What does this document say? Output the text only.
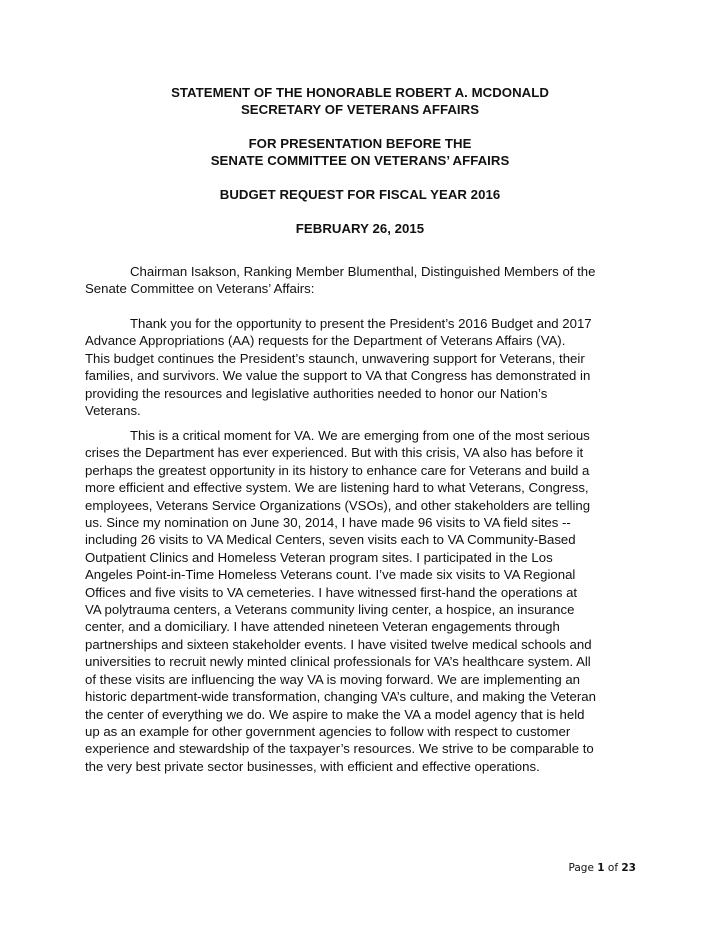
STATEMENT OF THE HONORABLE ROBERT A. MCDONALD
SECRETARY OF VETERANS AFFAIRS
FOR PRESENTATION BEFORE THE
SENATE COMMITTEE ON VETERANS’ AFFAIRS
BUDGET REQUEST FOR FISCAL YEAR 2016
FEBRUARY 26, 2015
Chairman Isakson, Ranking Member Blumenthal, Distinguished Members of the
Senate Committee on Veterans’ Affairs:
Thank you for the opportunity to present the President’s 2016 Budget and 2017
Advance Appropriations (AA) requests for the Department of Veterans Affairs (VA).
This budget continues the President’s staunch, unwavering support for Veterans, their
families, and survivors. We value the support to VA that Congress has demonstrated in
providing the resources and legislative authorities needed to honor our Nation’s
Veterans.
This is a critical moment for VA. We are emerging from one of the most serious
crises the Department has ever experienced. But with this crisis, VA also has before it
perhaps the greatest opportunity in its history to enhance care for Veterans and build a
more efficient and effective system. We are listening hard to what Veterans, Congress,
employees, Veterans Service Organizations (VSOs), and other stakeholders are telling
us. Since my nomination on June 30, 2014, I have made 96 visits to VA field sites --
including 26 visits to VA Medical Centers, seven visits each to VA Community-Based
Outpatient Clinics and Homeless Veteran program sites. I participated in the Los
Angeles Point-in-Time Homeless Veterans count. I’ve made six visits to VA Regional
Offices and five visits to VA cemeteries. I have witnessed first-hand the operations at
VA polytrauma centers, a Veterans community living center, a hospice, an insurance
center, and a domiciliary. I have attended nineteen Veteran engagements through
partnerships and sixteen stakeholder events. I have visited twelve medical schools and
universities to recruit newly minted clinical professionals for VA’s healthcare system. All
of these visits are influencing the way VA is moving forward. We are implementing an
historic department-wide transformation, changing VA’s culture, and making the Veteran
the center of everything we do. We aspire to make the VA a model agency that is held
up as an example for other government agencies to follow with respect to customer
experience and stewardship of the taxpayer’s resources. We strive to be comparable to
the very best private sector businesses, with efficient and effective operations.
Page 1 of 23
